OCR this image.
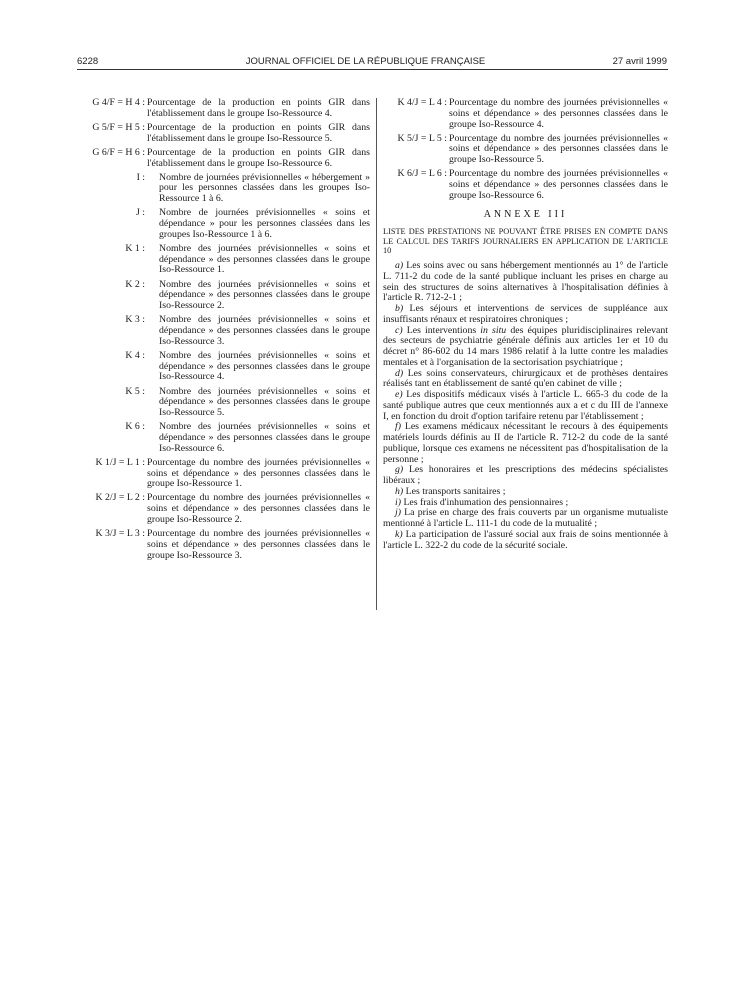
6228	JOURNAL OFFICIEL DE LA RÉPUBLIQUE FRANÇAISE	27 avril 1999
G 4/F = H 4 : Pourcentage de la production en points GIR dans l'établissement dans le groupe Iso-Ressource 4.
G 5/F = H 5 : Pourcentage de la production en points GIR dans l'établissement dans le groupe Iso-Ressource 5.
G 6/F = H 6 : Pourcentage de la production en points GIR dans l'établissement dans le groupe Iso-Ressource 6.
I : Nombre de journées prévisionnelles « hébergement » pour les personnes classées dans les groupes Iso-Ressource 1 à 6.
J : Nombre de journées prévisionnelles « soins et dépendance » pour les personnes classées dans les groupes Iso-Ressource 1 à 6.
K 1 : Nombre des journées prévisionnelles « soins et dépendance » des personnes classées dans le groupe Iso-Ressource 1.
K 2 : Nombre des journées prévisionnelles « soins et dépendance » des personnes classées dans le groupe Iso-Ressource 2.
K 3 : Nombre des journées prévisionnelles « soins et dépendance » des personnes classées dans le groupe Iso-Ressource 3.
K 4 : Nombre des journées prévisionnelles « soins et dépendance » des personnes classées dans le groupe Iso-Ressource 4.
K 5 : Nombre des journées prévisionnelles « soins et dépendance » des personnes classées dans le groupe Iso-Ressource 5.
K 6 : Nombre des journées prévisionnelles « soins et dépendance » des personnes classées dans le groupe Iso-Ressource 6.
K 1/J = L 1 : Pourcentage du nombre des journées prévisionnelles « soins et dépendance » des personnes classées dans le groupe Iso-Ressource 1.
K 2/J = L 2 : Pourcentage du nombre des journées prévisionnelles « soins et dépendance » des personnes classées dans le groupe Iso-Ressource 2.
K 3/J = L 3 : Pourcentage du nombre des journées prévisionnelles « soins et dépendance » des personnes classées dans le groupe Iso-Ressource 3.
K 4/J = L 4 : Pourcentage du nombre des journées prévisionnelles « soins et dépendance » des personnes classées dans le groupe Iso-Ressource 4.
K 5/J = L 5 : Pourcentage du nombre des journées prévisionnelles « soins et dépendance » des personnes classées dans le groupe Iso-Ressource 5.
K 6/J = L 6 : Pourcentage du nombre des journées prévisionnelles « soins et dépendance » des personnes classées dans le groupe Iso-Ressource 6.
ANNEXE III
LISTE DES PRESTATIONS NE POUVANT ÊTRE PRISES EN COMPTE DANS LE CALCUL DES TARIFS JOURNALIERS EN APPLICATION DE L'ARTICLE 10

a) Les soins avec ou sans hébergement mentionnés au 1° de l'article L. 711-2 du code de la santé publique incluant les prises en charge au sein des structures de soins alternatives à l'hospitalisation définies à l'article R. 712-2-1 ;

b) Les séjours et interventions de services de suppléance aux insuffisants rénaux et respiratoires chroniques ;

c) Les interventions in situ des équipes pluridisciplinaires relevant des secteurs de psychiatrie générale définis aux articles 1er et 10 du décret n° 86-602 du 14 mars 1986 relatif à la lutte contre les maladies mentales et à l'organisation de la sectorisation psychiatrique ;

d) Les soins conservateurs, chirurgicaux et de prothèses dentaires réalisés tant en établissement de santé qu'en cabinet de ville ;

e) Les dispositifs médicaux visés à l'article L. 665-3 du code de la santé publique autres que ceux mentionnés aux a et c du III de l'annexe I, en fonction du droit d'option tarifaire retenu par l'établissement ;

f) Les examens médicaux nécessitant le recours à des équipements matériels lourds définis au II de l'article R. 712-2 du code de la santé publique, lorsque ces examens ne nécessitent pas d'hospitalisation de la personne ;

g) Les honoraires et les prescriptions des médecins spécialistes libéraux ;

h) Les transports sanitaires ;

i) Les frais d'inhumation des pensionnaires ;

j) La prise en charge des frais couverts par un organisme mutualiste mentionné à l'article L. 111-1 du code de la mutualité ;

k) La participation de l'assuré social aux frais de soins mentionnée à l'article L. 322-2 du code de la sécurité sociale.
